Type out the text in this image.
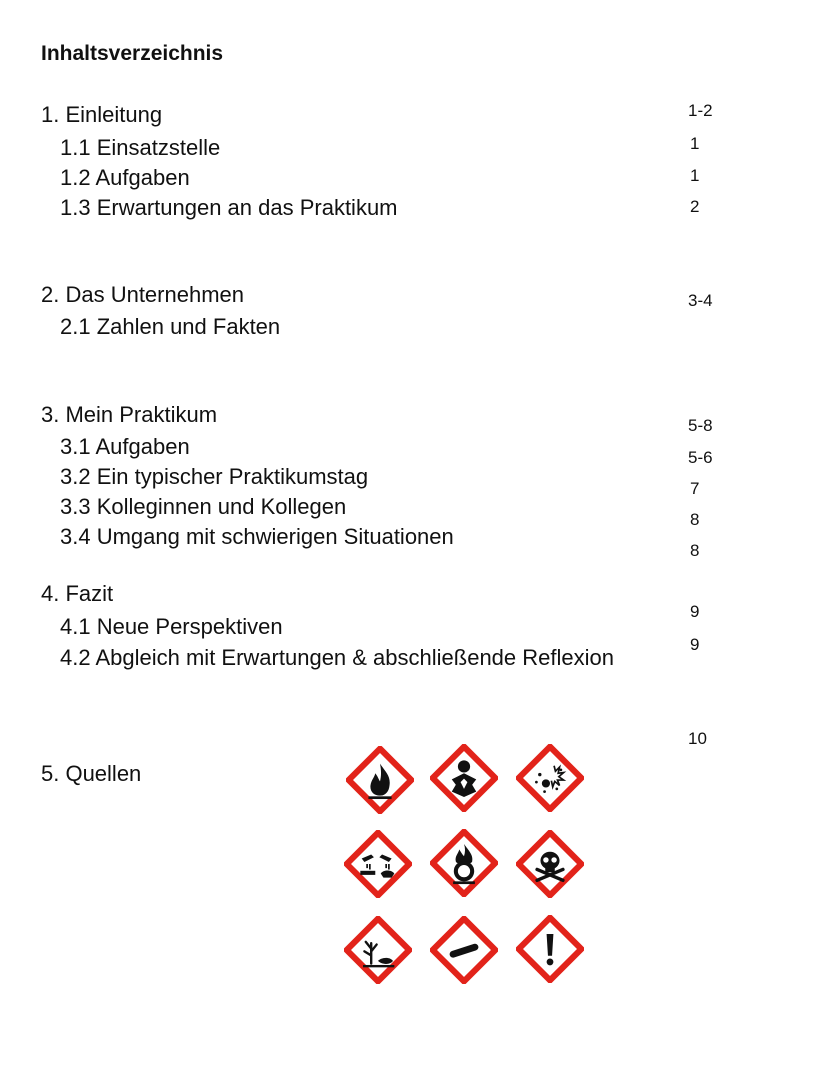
Inhaltsverzeichnis
1. Einleitung
1.1 Einsatzstelle
1.2 Aufgaben
1.3 Erwartungen an das Praktikum
1-2
1
1
2
2. Das Unternehmen
2.1 Zahlen und Fakten
3-4
3. Mein Praktikum
3.1 Aufgaben
3.2 Ein typischer Praktikumstag
3.3 Kolleginnen und Kollegen
3.4 Umgang mit schwierigen Situationen
5-8
5-6
7
8
8
4. Fazit
4.1 Neue Perspektiven
4.2 Abgleich mit Erwartungen & abschließende Reflexion
9
9
5. Quellen
10
